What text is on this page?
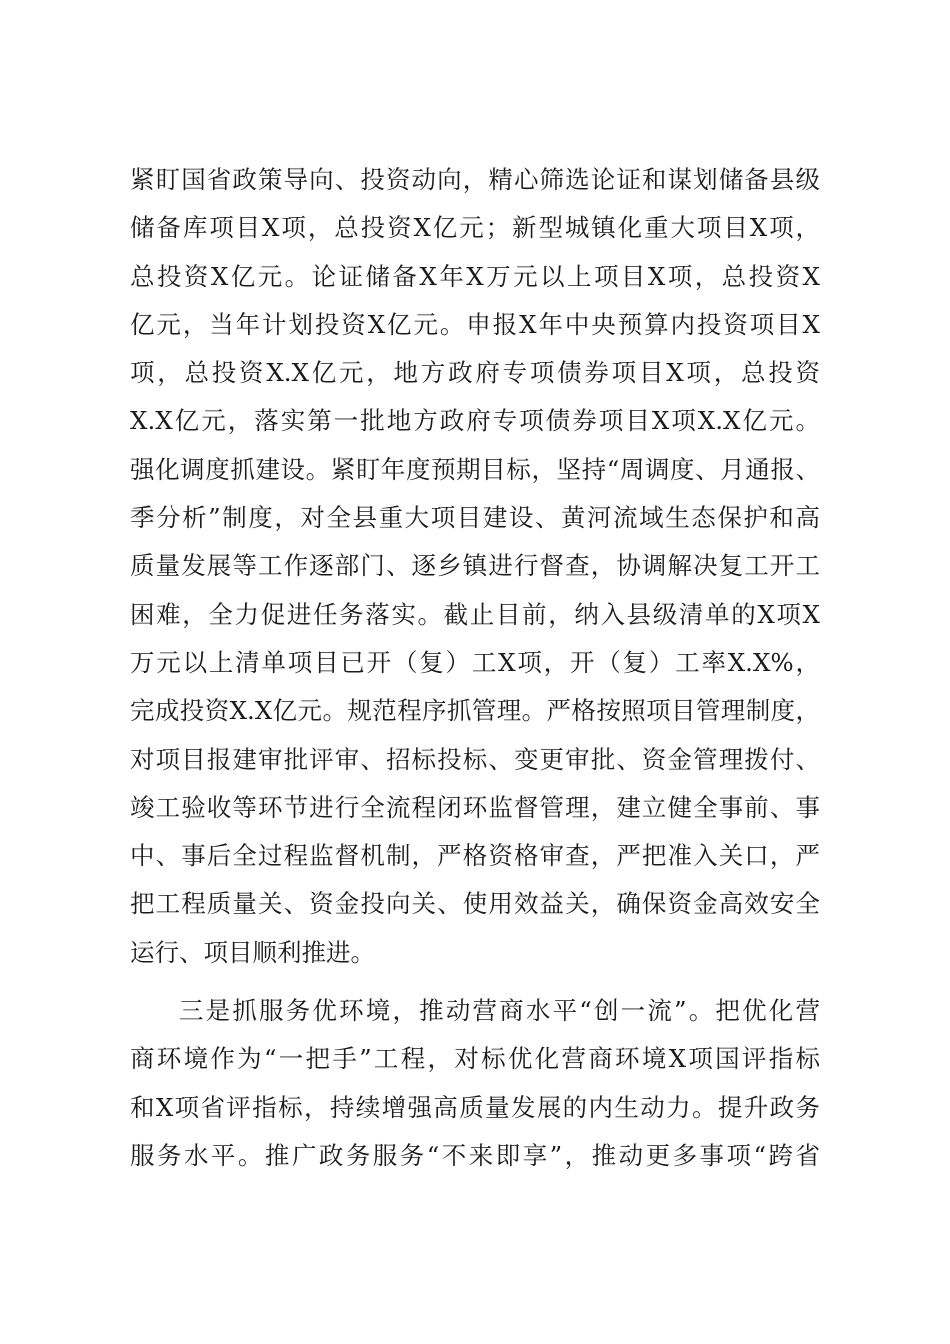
紧盯国省政策导向、投资动向，精心筛选论证和谋划储备县级
储备库项目X项，总投资X亿元；新型城镇化重大项目X项，
总投资X亿元。论证储备X年X万元以上项目X项，总投资X
亿元，当年计划投资X亿元。申报X年中央预算内投资项目X
项，总投资X.X亿元，地方政府专项债券项目X项，总投资
X.X亿元，落实第一批地方政府专项债券项目X项X.X亿元。
强化调度抓建设。紧盯年度预期目标，坚持“周调度、月通报、
季分析”制度，对全县重大项目建设、黄河流域生态保护和高
质量发展等工作逐部门、逐乡镇进行督查，协调解决复工开工
困难，全力促进任务落实。截止目前，纳入县级清单的X项X
万元以上清单项目已开（复）工X项，开（复）工率X.X%，
完成投资X.X亿元。规范程序抓管理。严格按照项目管理制度，
对项目报建审批评审、招标投标、变更审批、资金管理拨付、
竣工验收等环节进行全流程闭环监督管理，建立健全事前、事
中、事后全过程监督机制，严格资格审查，严把准入关口，严
把工程质量关、资金投向关、使用效益关，确保资金高效安全
运行、项目顺利推进。
三是抓服务优环境，推动营商水平“创一流”。把优化营
商环境作为“一把手”工程，对标优化营商环境X项国评指标
和X项省评指标，持续增强高质量发展的内生动力。提升政务
服务水平。推广政务服务“不来即享”，推动更多事项“跨省
